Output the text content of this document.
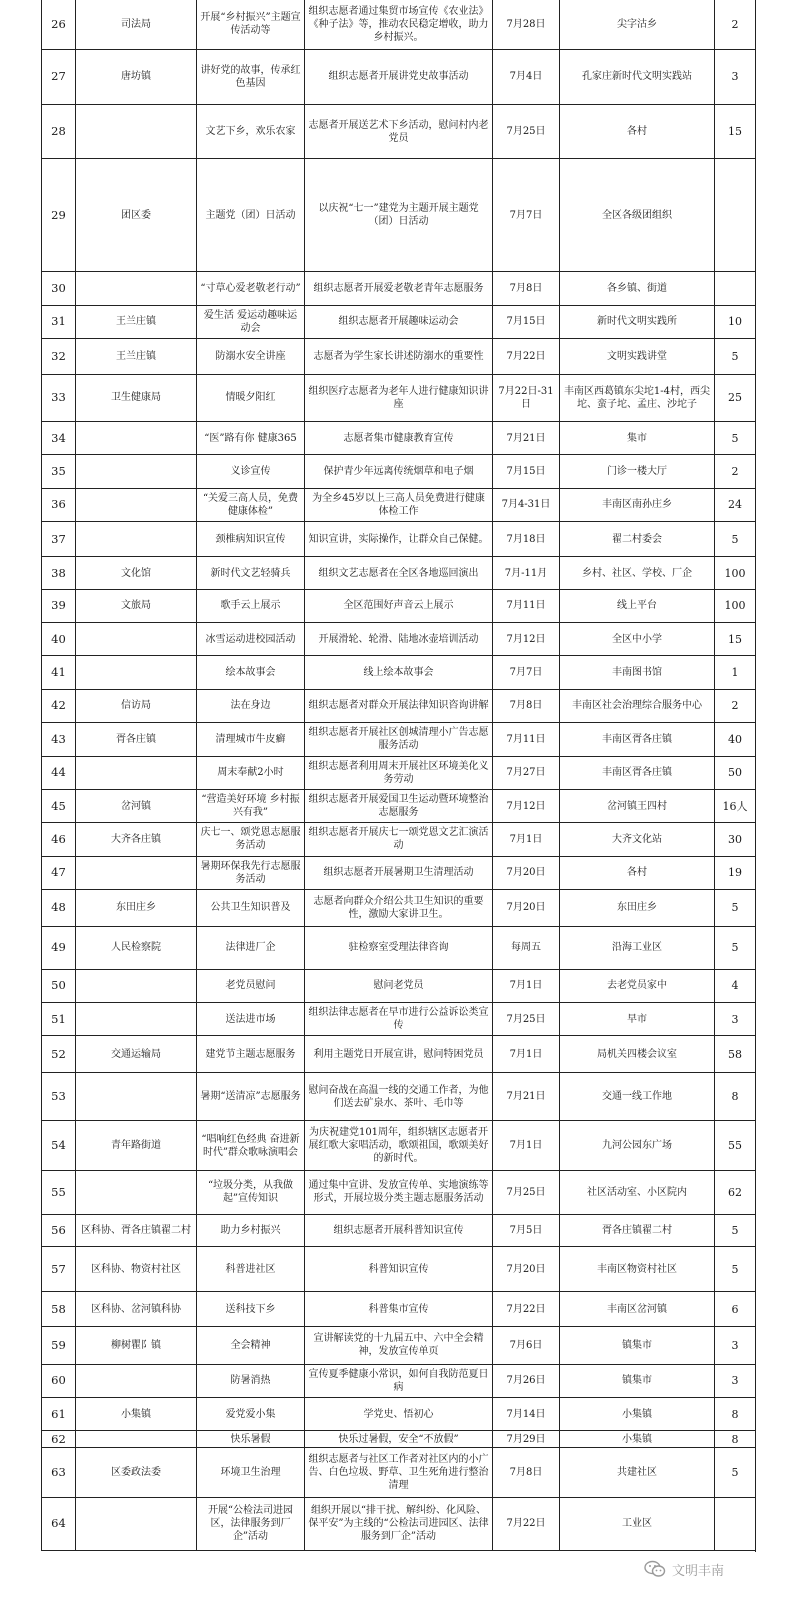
26	司法局	开展“乡村振兴”主题宣传活动等	组织志愿者通过集贸市场宣传《农业法》《种子法》等，推动农民稳定增收，助力乡村振兴。	7月28日	尖字沽乡	2
27	唐坊镇	讲好党的故事，传承红色基因	组织志愿者开展讲党史故事活动	7月4日	孔家庄新时代文明实践站	3
28		文艺下乡，欢乐农家	志愿者开展送艺术下乡活动，慰问村内老党员	7月25日	各村	15
29	团区委	主题党（团）日活动	以庆祝“七一”建党为主题开展主题党（团）日活动	7月7日	全区各级团组织	
30		“寸草心爱老敬老行动”	组织志愿者开展爱老敬老青年志愿服务	7月8日	各乡镇、街道	
31	王兰庄镇	爱生活 爱运动趣味运动会	组织志愿者开展趣味运动会	7月15日	新时代文明实践所	10
32	王兰庄镇	防溺水安全讲座	志愿者为学生家长讲述防溺水的重要性	7月22日	文明实践讲堂	5
33	卫生健康局	情暖夕阳红	组织医疗志愿者为老年人进行健康知识讲座	7月22日-31日	丰南区西葛镇东尖坨1-4村，西尖坨、蛮子坨、孟庄、沙坨子	25
34		“医”路有你 健康365	志愿者集市健康教育宣传	7月21日	集市	5
35		义诊宣传	保护青少年远离传统烟草和电子烟	7月15日	门诊一楼大厅	2
36		“关爱三高人员，免费健康体检”	为全乡45岁以上三高人员免费进行健康体检工作	7月4-31日	丰南区南孙庄乡	24
37		颈椎病知识宣传	知识宣讲，实际操作，让群众自己保健。	7月18日	翟二村委会	5
38	文化馆	新时代文艺轻骑兵	组织文艺志愿者在全区各地巡回演出	7月-11月	乡村、社区、学校、厂企	100
39	文旅局	歌手云上展示	全区范围好声音云上展示	7月11日	线上平台	100
40		冰雪运动进校园活动	开展滑轮、轮滑、陆地冰壶培训活动	7月12日	全区中小学	15
41		绘本故事会	线上绘本故事会	7月7日	丰南图书馆	1
42	信访局	法在身边	组织志愿者对群众开展法律知识咨询讲解	7月8日	丰南区社会治理综合服务中心	2
43	胥各庄镇	清理城市牛皮癣	组织志愿者开展社区创城清理小广告志愿服务活动	7月11日	丰南区胥各庄镇	40
44		周末奉献2小时	组织志愿者利用周末开展社区环境美化义务劳动	7月27日	丰南区胥各庄镇	50
45	岔河镇	“营造美好环境 乡村振兴有我”	组织志愿者开展爱国卫生运动暨环境整治志愿服务	7月12日	岔河镇王四村	16人
46	大齐各庄镇	庆七一、颂党恩志愿服务活动	组织志愿者开展庆七一颂党恩文艺汇演活动	7月1日	大齐文化站	30
47		暑期环保我先行志愿服务活动	组织志愿者开展暑期卫生清理活动	7月20日	各村	19
48	东田庄乡	公共卫生知识普及	志愿者向群众介绍公共卫生知识的重要性，激励大家讲卫生。	7月20日	东田庄乡	5
49	人民检察院	法律进厂企	驻检察室受理法律咨询	每周五	沿海工业区	5
50		老党员慰问	慰问老党员	7月1日	去老党员家中	4
51		送法进市场	组织法律志愿者在早市进行公益诉讼类宣传	7月25日	早市	3
52	交通运输局	建党节主题志愿服务	利用主题党日开展宣讲，慰问特困党员	7月1日	局机关四楼会议室	58
53		暑期“送清凉”志愿服务	慰问奋战在高温一线的交通工作者，为他们送去矿泉水、茶叶、毛巾等	7月21日	交通一线工作地	8
54	青年路街道	“唱响红色经典 奋进新时代”群众歌咏演唱会	为庆祝建党101周年，组织辖区志愿者开展红歌大家唱活动，歌颂祖国，歌颂美好的新时代。	7月1日	九河公园东广场	55
55		“垃圾分类，从我做起”宣传知识	通过集中宣讲、发放宣传单、实地演练等形式，开展垃圾分类主题志愿服务活动	7月25日	社区活动室、小区院内	62
56	区科协、胥各庄镇翟二村	助力乡村振兴	组织志愿者开展科普知识宣传	7月5日	胥各庄镇翟二村	5
57	区科协、物资村社区	科普进社区	科普知识宣传	7月20日	丰南区物资村社区	5
58	区科协、岔河镇科协	送科技下乡	科普集市宣传	7月22日	丰南区岔河镇	6
59	柳树瞿阝镇	全会精神	宣讲解读党的十九届五中、六中全会精神，发放宣传单页	7月6日	镇集市	3
60		防暑消热	宣传夏季健康小常识，如何自我防范夏日病	7月26日	镇集市	3
61	小集镇	爱党爱小集	学党史、悟初心	7月14日	小集镇	8
62		快乐暑假	快乐过暑假，安全“不放假”	7月29日	小集镇	8
63	区委政法委	环境卫生治理	组织志愿者与社区工作者对社区内的小广告、白色垃圾、野草、卫生死角进行整治清理	7月8日	共建社区	5
64		开展“公检法司进园区，法律服务到厂企”活动	组织开展以“排干扰、解纠纷、化风险、保平安”为主线的“公检法司进园区、法律服务到厂企”活动	7月22日	工业区	
文明丰南
